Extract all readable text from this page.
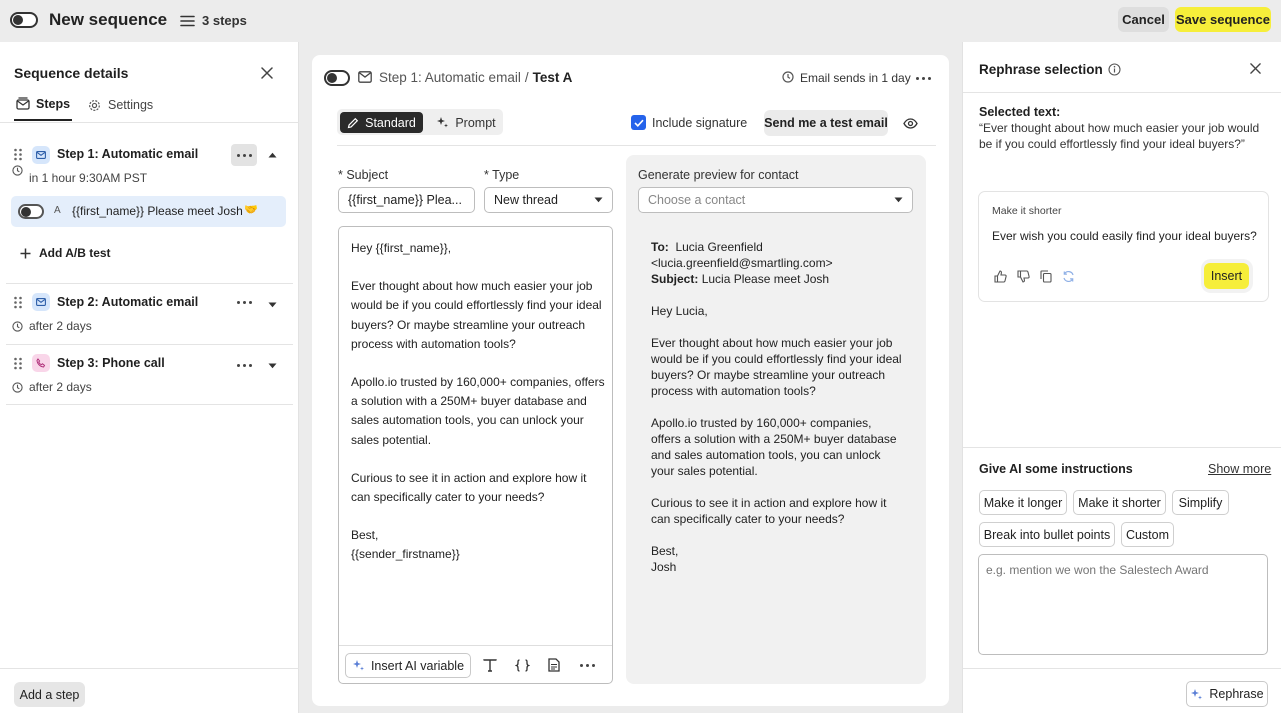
New sequence	3 steps	Cancel Save sequence
Sequence details
Steps	Settings
Step 1: Automatic email
in 1 hour 9:30AM PST
A {{first_name}} Please meet Josh 🤝
Add A/B test
Step 2: Automatic email
after 2 days
Step 3: Phone call
after 2 days
Add a step
Step 1: Automatic email / Test A	Email sends in 1 day
Standard	Prompt	Include signature Send me a test email
* Subject
{{first_name}} Plea...
* Type
New thread

Hey {{first_name}},

Ever thought about how much easier your job would be if you could effortlessly find your ideal buyers? Or maybe streamline your outreach process with automation tools?

Apollo.io trusted by 160,000+ companies, offers a solution with a 250M+ buyer database and sales automation tools, you can unlock your sales potential.

Curious to see it in action and explore how it can specifically cater to your needs?

Best,
{{sender_firstname}}

Insert AI variable
Generate preview for contact
Choose a contact
To: Lucia Greenfield <lucia.greenfield@smartling.com>
Subject: Lucia Please meet Josh

Hey Lucia,

Ever thought about how much easier your job would be if you could effortlessly find your ideal buyers? Or maybe streamline your outreach process with automation tools?

Apollo.io trusted by 160,000+ companies, offers a solution with a 250M+ buyer database and sales automation tools, you can unlock your sales potential.

Curious to see it in action and explore how it can specifically cater to your needs?

Best,
Josh

Rephrase selection
Selected text:
“Ever thought about how much easier your job would be if you could effortlessly find your ideal buyers?”
Make it shorter
Ever wish you could easily find your ideal buyers?
Insert
Give AI some instructions	Show more
Make it longer	Make it shorter	Simplify
Break into bullet points	Custom
e.g. mention we won the Salestech Award
Rephrase
